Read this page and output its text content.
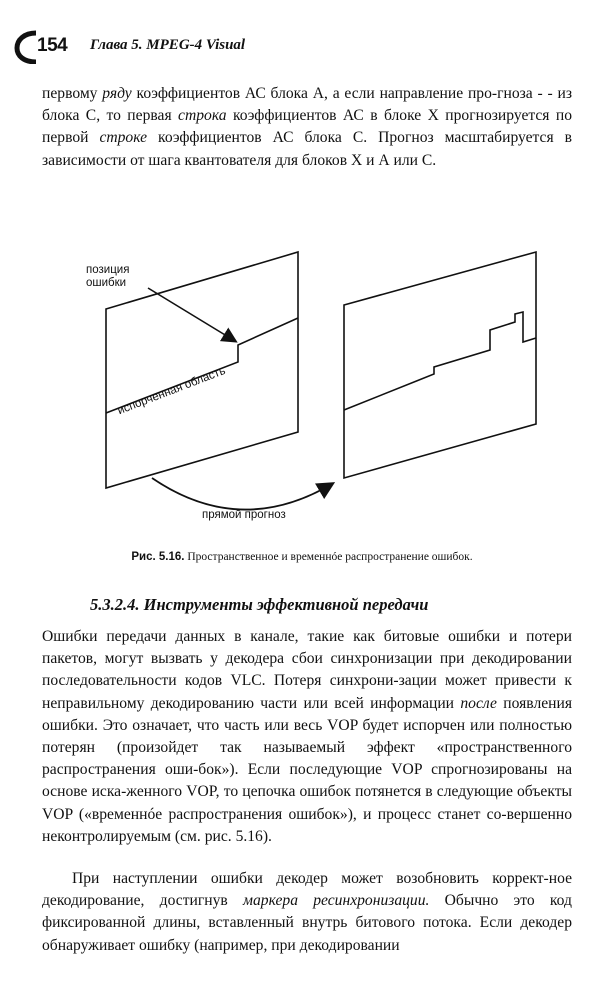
154 Глава 5. MPEG-4 Visual

первому ряду коэффициентов АС блока А, а если направление про-гноза ‐ ‐ из блока С, то первая строка коэффициентов АС в блоке X прогнозируется по первой строке коэффициентов АС блока С. Прогноз масштабируется в зависимости от шага квантователя для блоков X и А или С.

позиция
ошибки
испорченная область
прямой прогноз
Рис. 5.16. Пространственное и временнóе распространение ошибок.
5.3.2.4. Инструменты эффективной передачи

Ошибки передачи данных в канале, такие как битовые ошибки и потери пакетов, могут вызвать у декодера сбои синхронизации при декодировании последовательности кодов VLC. Потеря синхрони-зации может привести к неправильному декодированию части или всей информации после появления ошибки. Это означает, что часть или весь VOP будет испорчен или полностью потерян (произойдет так называемый эффект «пространственного распространения оши-бок»). Если последующие VOP спрогнозированы на основе иска-женного VOP, то цепочка ошибок потянется в следующие объекты VOP («временнóе распространения ошибок»), и процесс станет со-вершенно неконтролируемым (см. рис. 5.16).

При наступлении ошибки декодер может возобновить коррект-ное декодирование, достигнув маркера ресинхронизации. Обычно это код фиксированной длины, вставленный внутрь битового потока. Если декодер обнаруживает ошибку (например, при декодировании
